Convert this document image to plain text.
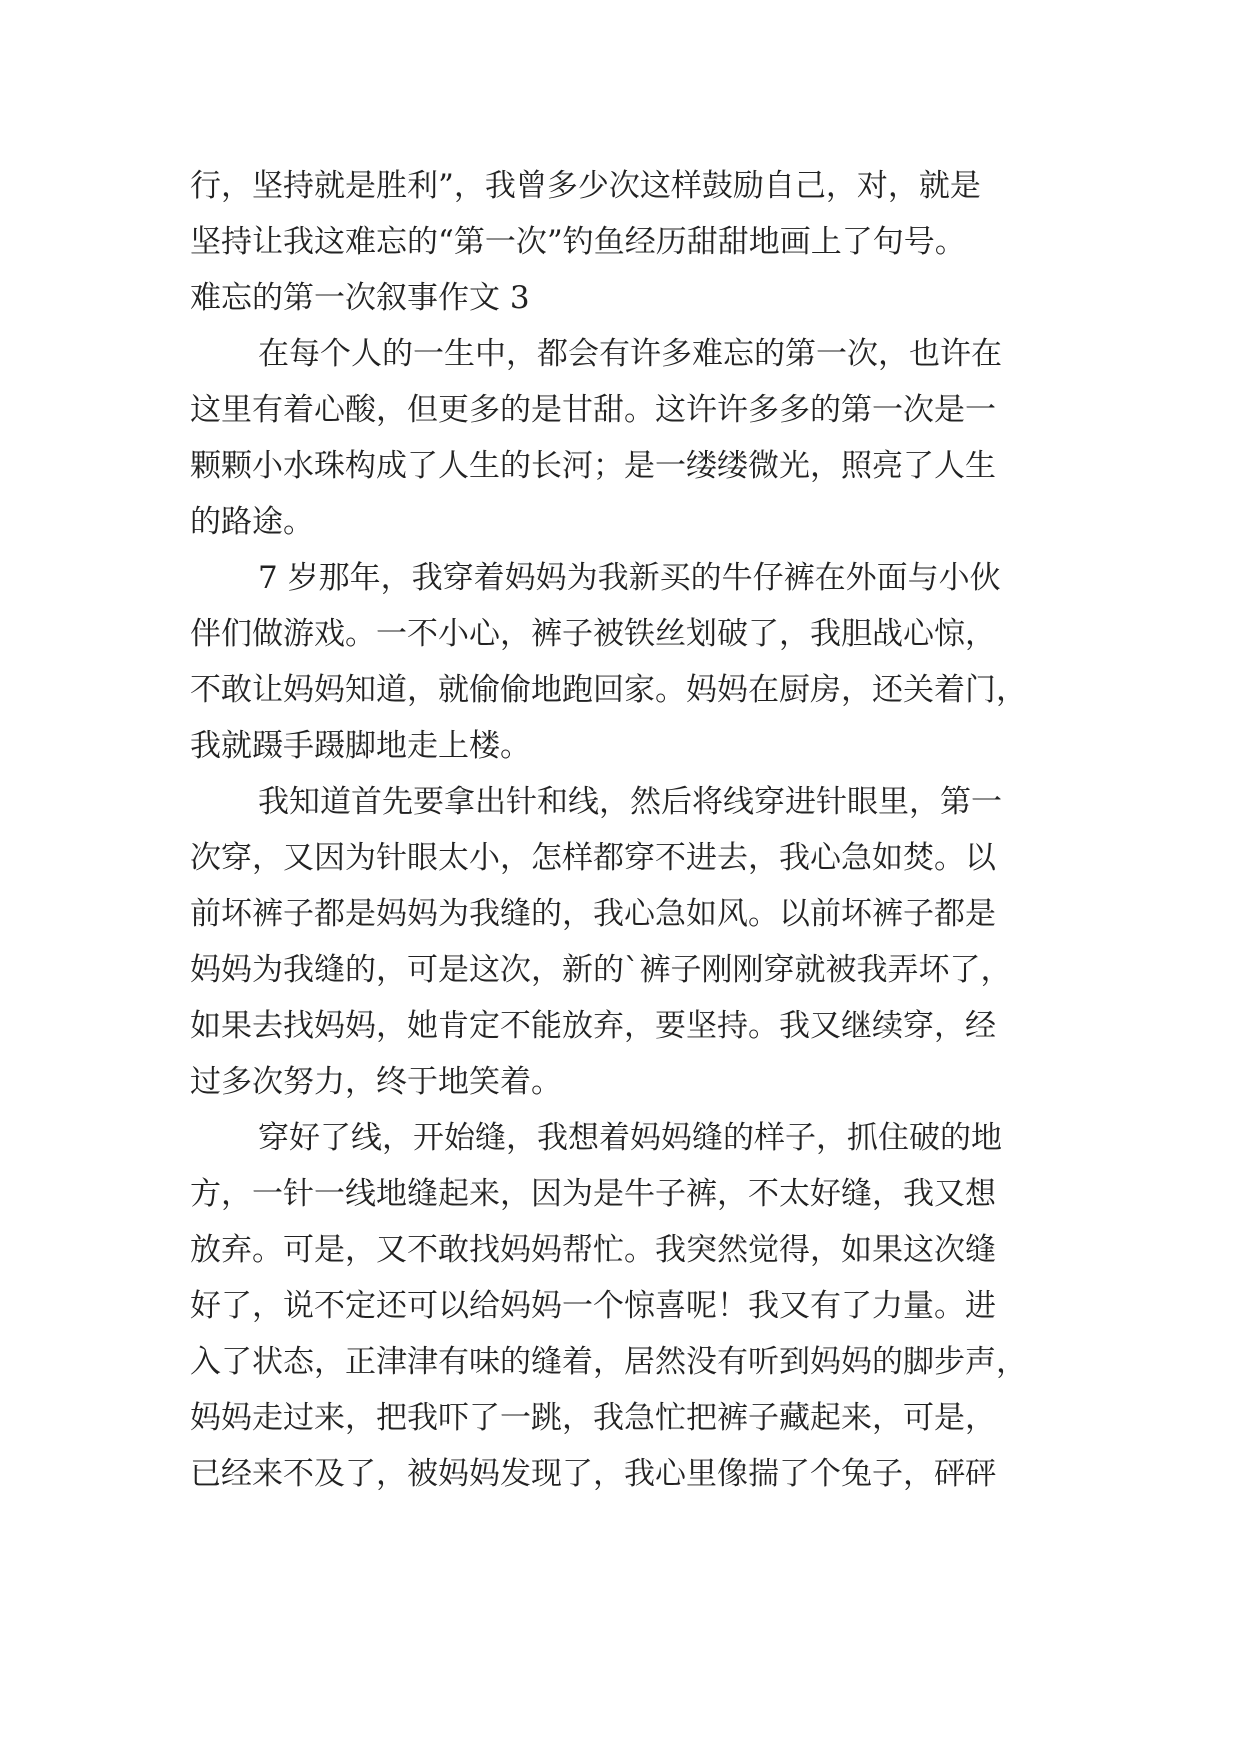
行，坚持就是胜利”，我曾多少次这样鼓励自己，对，就是
坚持让我这难忘的“第一次”钓鱼经历甜甜地画上了句号。
难忘的第一次叙事作文 3
在每个人的一生中，都会有许多难忘的第一次，也许在
这里有着心酸，但更多的是甘甜。这许许多多的第一次是一
颗颗小水珠构成了人生的长河；是一缕缕微光，照亮了人生
的路途。
7 岁那年，我穿着妈妈为我新买的牛仔裤在外面与小伙
伴们做游戏。一不小心，裤子被铁丝划破了，我胆战心惊，
不敢让妈妈知道，就偷偷地跑回家。妈妈在厨房，还关着门，
我就蹑手蹑脚地走上楼。
我知道首先要拿出针和线，然后将线穿进针眼里，第一
次穿，又因为针眼太小，怎样都穿不进去，我心急如焚。以
前坏裤子都是妈妈为我缝的，我心急如风。以前坏裤子都是
妈妈为我缝的，可是这次，新的`裤子刚刚穿就被我弄坏了，
如果去找妈妈，她肯定不能放弃，要坚持。我又继续穿，经
过多次努力，终于地笑着。
穿好了线，开始缝，我想着妈妈缝的样子，抓住破的地
方，一针一线地缝起来，因为是牛子裤，不太好缝，我又想
放弃。可是，又不敢找妈妈帮忙。我突然觉得，如果这次缝
好了，说不定还可以给妈妈一个惊喜呢！我又有了力量。进
入了状态，正津津有味的缝着，居然没有听到妈妈的脚步声，
妈妈走过来，把我吓了一跳，我急忙把裤子藏起来，可是，
已经来不及了，被妈妈发现了，我心里像揣了个兔子，砰砰
